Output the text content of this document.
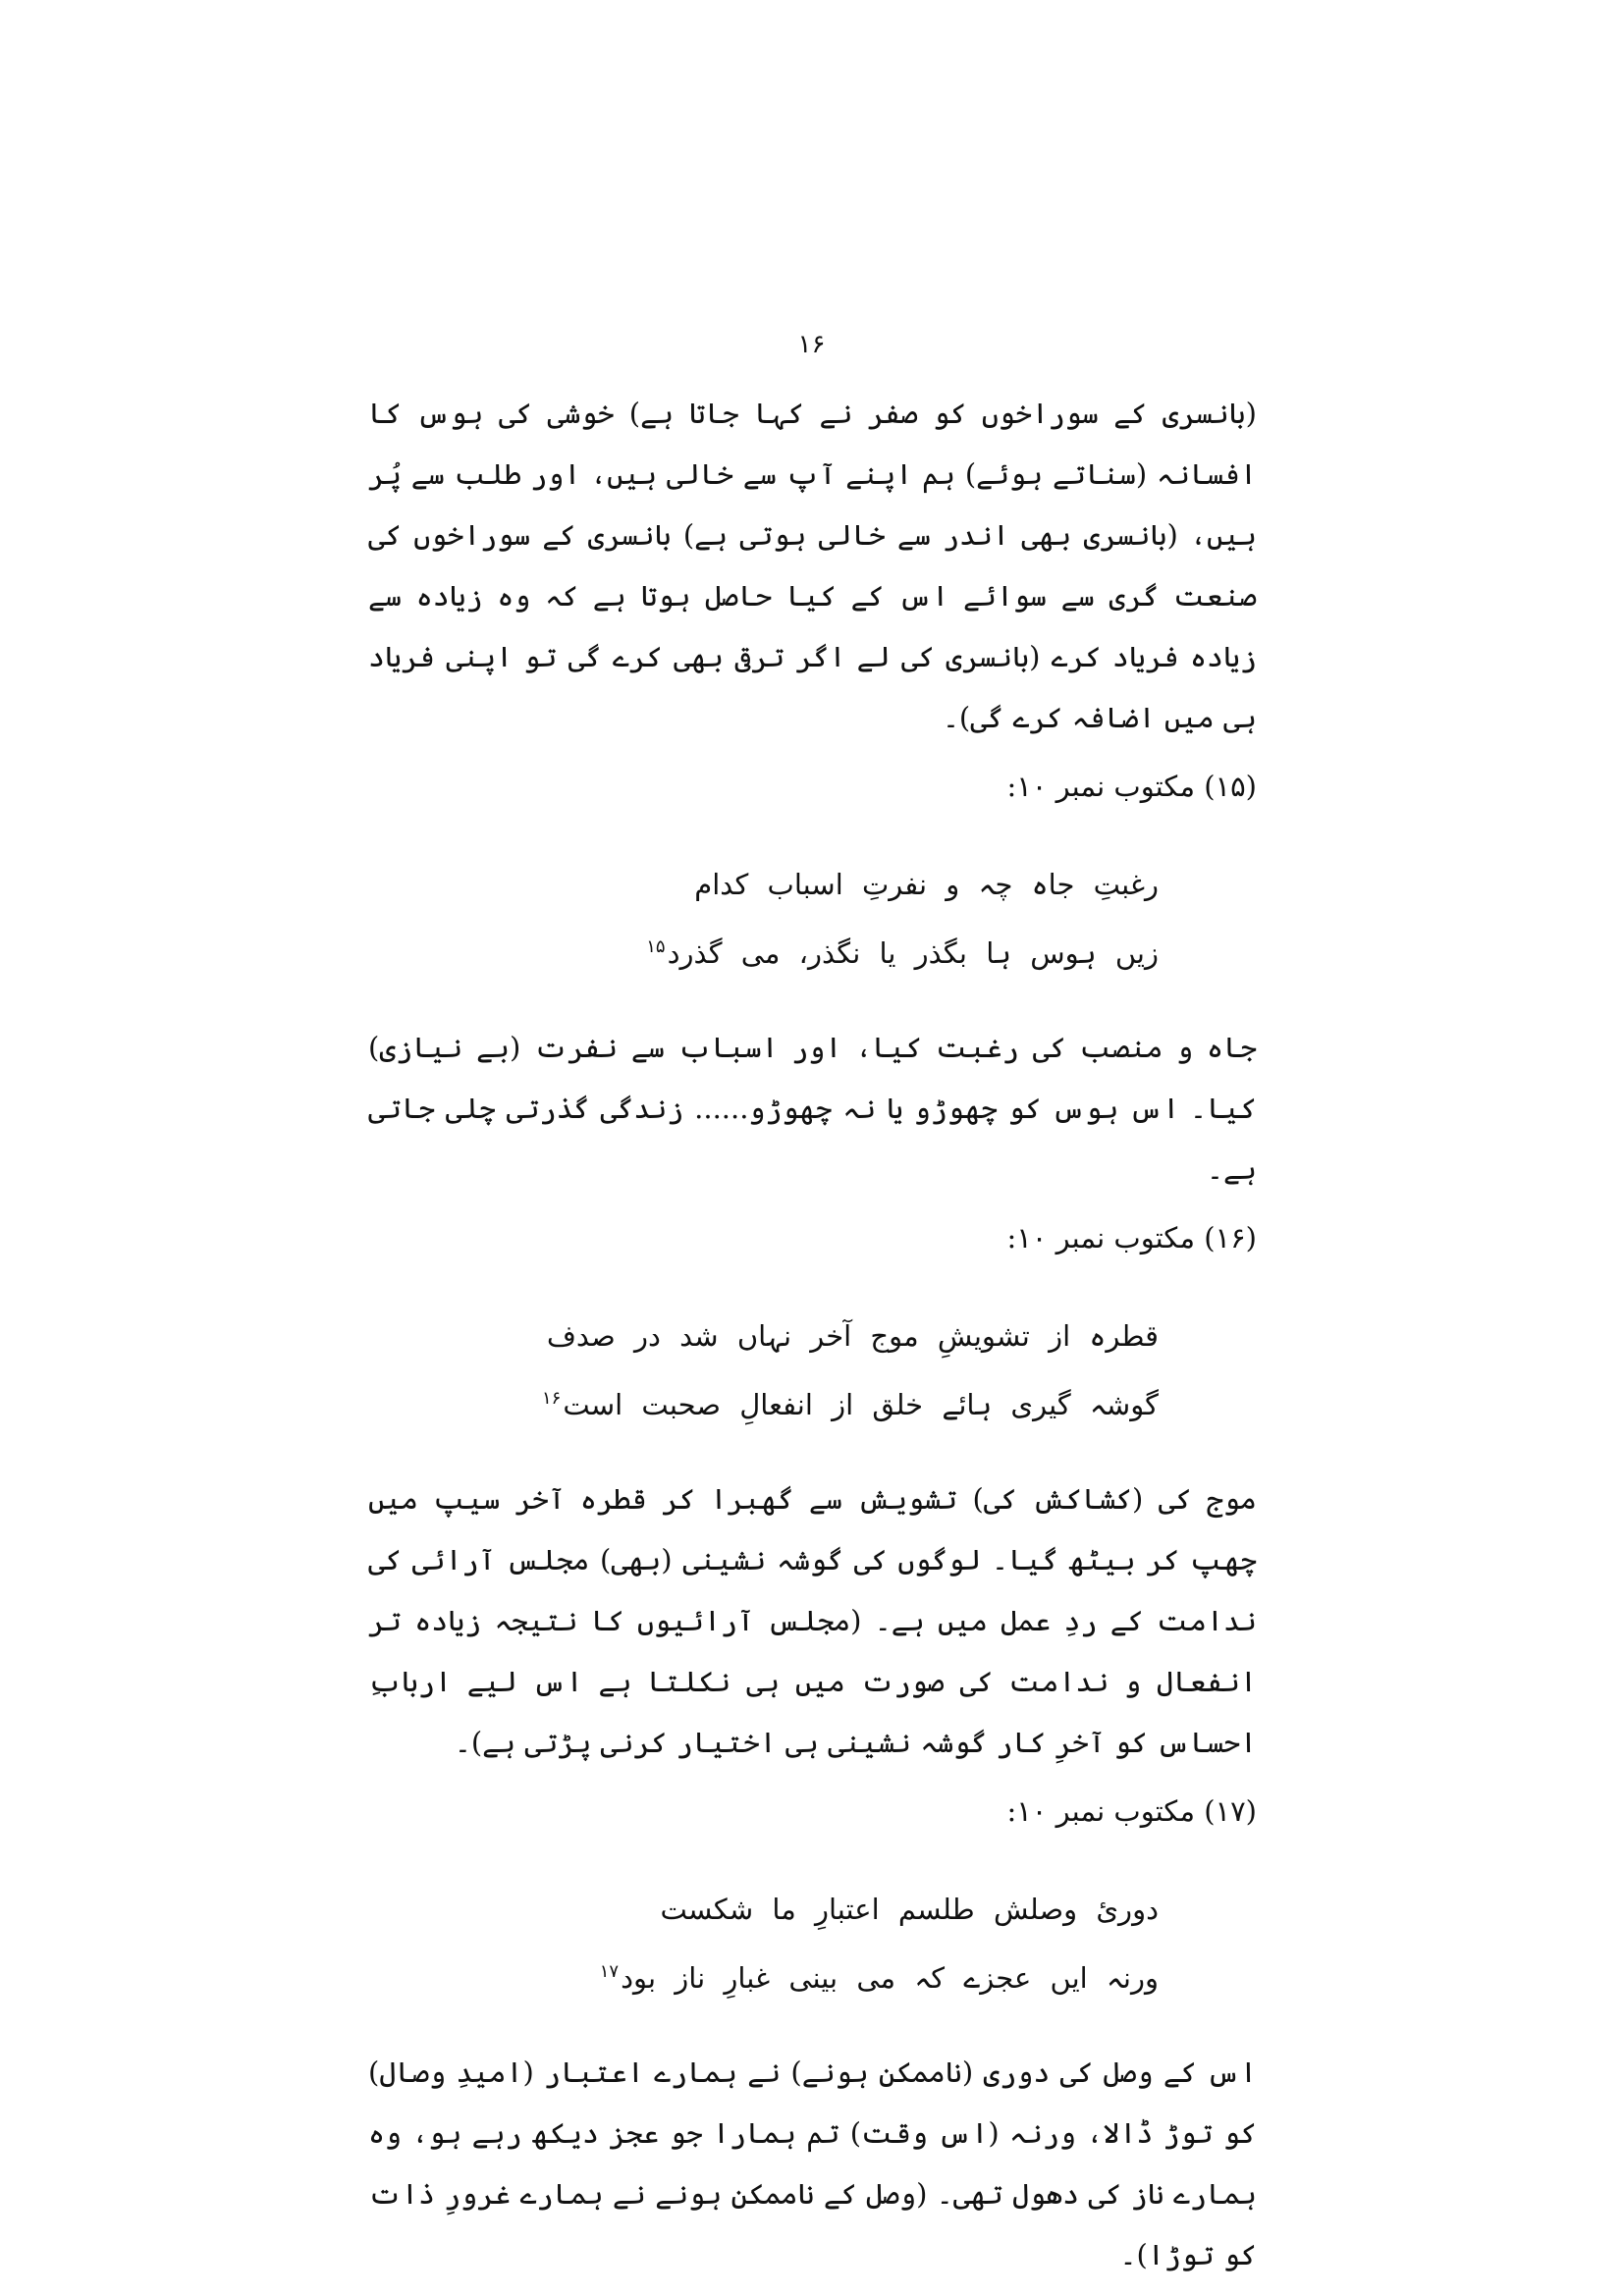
۱۶

(بانسری کے سوراخوں کو صفر نے کہا جاتا ہے) خوشی کی ہوس کا افسانہ (سناتے ہوئے) ہم اپنے آپ سے خالی ہیں، اور طلب سے پُر ہیں، (بانسری بھی اندر سے خالی ہوتی ہے) بانسری کے سوراخوں کی صنعت گری سے سوائے اس کے کیا حاصل ہوتا ہے کہ وہ زیادہ سے زیادہ فریاد کرے (بانسری کی لے اگر ترقی بھی کرے گی تو اپنی فریاد ہی میں اضافہ کرے گی)۔

(۱۵) مکتوب نمبر ۱۰:
رغبتِ جاہ چہ و نفرتِ اسباب کدام
زیں ہوس ہا بگذر یا نگذر، می گذرد$^{۱۵}$

جاہ و منصب کی رغبت کیا، اور اسباب سے نفرت (بے نیازی) کیا۔ اس ہوس کو چھوڑو یا نہ چھوڑو...... زندگی گذرتی چلی جاتی ہے۔

(۱۶) مکتوب نمبر ۱۰:
قطرہ از تشویشِ موج آخر نہاں شد در صدف
گوشہ گیری ہائے خلق از انفعالِ صحبت است$^{۱۶}$

موج کی (کشاکش کی) تشویش سے گھبرا کر قطرہ آخر سیپ میں چھپ کر بیٹھ گیا۔ لوگوں کی گوشہ نشینی (بھی) مجلس آرائی کی ندامت کے ردِ عمل میں ہے۔ (مجلس آرائیوں کا نتیجہ زیادہ تر انفعال و ندامت کی صورت میں ہی نکلتا ہے اس لیے اربابِ احساس کو آخرِ کار گوشہ نشینی ہی اختیار کرنی پڑتی ہے)۔

(۱۷) مکتوب نمبر ۱۰:
دوریٔ وصلش طلسم اعتبارِ ما شکست
ورنہ ایں عجزے کہ می بینی غبارِ ناز بود$^{۱۷}$

اس کے وصل کی دوری (ناممکن ہونے) نے ہمارے اعتبار (امیدِ وصال) کو توڑ ڈالا، ورنہ (اس وقت) تم ہمارا جو عجز دیکھ رہے ہو، وہ ہمارے ناز کی دھول تھی۔ (وصل کے ناممکن ہونے نے ہمارے غرورِ ذات کو توڑا)۔
